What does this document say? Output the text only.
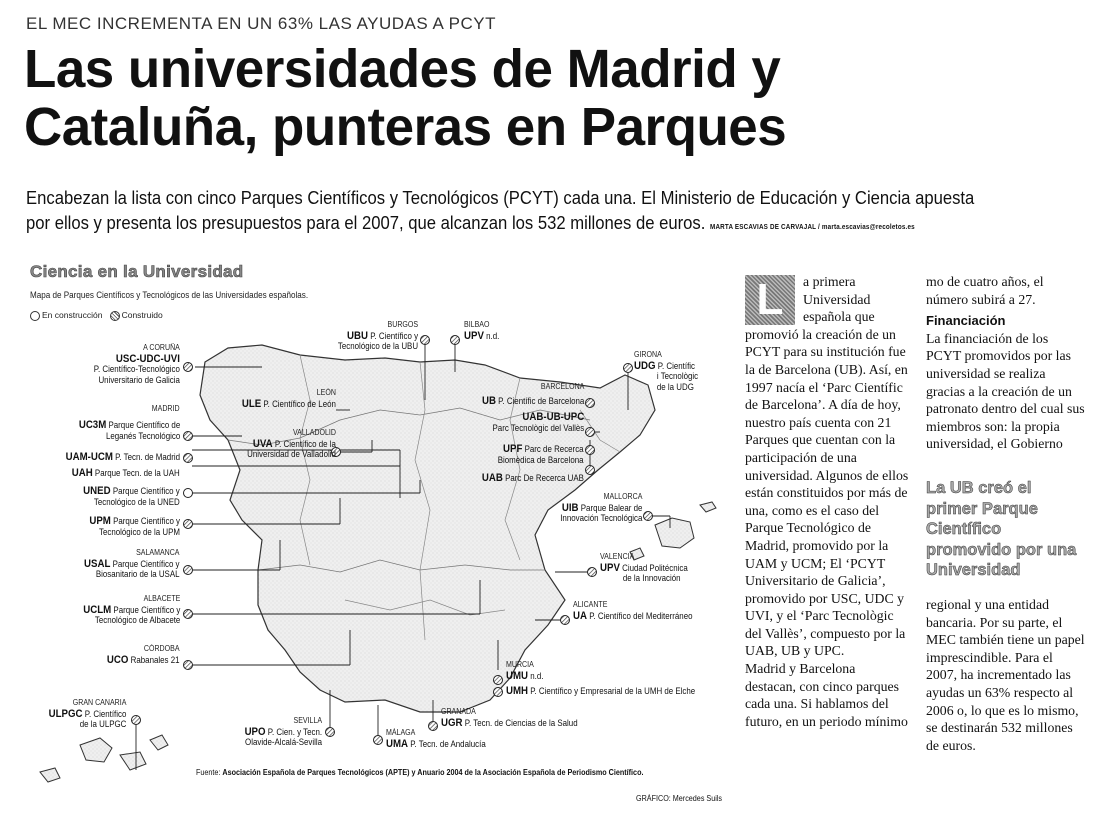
EL MEC INCREMENTA EN UN 63% LAS AYUDAS A PCYT
Las universidades de Madrid y
Cataluña, punteras en Parques
Encabezan la lista con cinco Parques Científicos y Tecnológicos (PCYT) cada una. El Ministerio de Educación y Ciencia apuesta
por ellos y presenta los presupuestos para el 2007, que alcanzan los 532 millones de euros. MARTA ESCAVIAS DE CARVAJAL / marta.escavias@recoletos.es
Ciencia en la Universidad
Mapa de Parques Científicos y Tecnológicos de las Universidades españolas.
En construcción Construido
A CORUÑA
USC-UDC-UVI
P. Científico-Tecnológico
Universitario de Galicia
MADRID
UC3M Parque Científico de
Leganés Tecnológico
UAM-UCM P. Tecn. de Madrid
UAH Parque Tecn. de la UAH
UNED Parque Científico y
Tecnológico de la UNED
UPM Parque Científico y
Tecnológico de la UPM
SALAMANCA
USAL Parque Científico y
Biosanitario de la USAL
ALBACETE
UCLM Parque Científico y
Tecnológico de Albacete
CÓRDOBA
UCO Rabanales 21
GRAN CANARIA
ULPGC P. Científico
de la ULPGC
BURGOS
UBU P. Científico y
Tecnológico de la UBU
BILBAO
UPV n.d.
LEÓN
ULE P. Científico de León
VALLADOLID
UVA P. Científico de la
Universidad de Valladolid
GIRONA
UDG P. Científic
i Tecnològic
de la UDG
BARCELONA
UB P. Científic de Barcelona
UAB-UB-UPC
Parc Tecnològic del Vallès
UPF Parc de Recerca
Biomèdica de Barcelona
UAB Parc De Recerca UAB
MALLORCA
UIB Parque Balear de
Innovación Tecnológica
VALENCIA
UPV Ciudad Politécnica
de la Innovación
ALICANTE
UA P. Científico del Mediterráneo
MURCIA
UMU n.d.
UMH P. Científico y Empresarial de la UMH de Elche
GRANADA
UGR P. Tecn. de Ciencias de la Salud
SEVILLA
UPO P. Cien. y Tecn.
Olavide-Alcalá-Sevilla
MÁLAGA
UMA P. Tecn. de Andalucía
Fuente: Asociación Española de Parques Tecnológicos (APTE) y Anuario 2004 de la Asociación Española de Periodismo Científico.
GRÁFICO: Mercedes Suils

L	a primera Universidad española que promovió la creación de un PCYT para su institución fue la de Barcelona (UB). Así, en 1997 nacía el ‘Parc Científic de Barcelona’. A día de hoy, nuestro país cuenta con 21 Parques que cuentan con la participación de una universidad. Algunos de ellos están constituidos por más de una, como es el caso del Parque Tecnológico de Madrid, promovido por la UAM y UCM; El ‘PCYT Universitario de Galicia’, promovido por USC, UDC y UVI, y el ‘Parc Tecnològic del Vallès’, compuesto por la UAB, UB y UPC.

Madrid y Barcelona destacan, con cinco parques cada una. Si hablamos del futuro, en un periodo mínimo

mo de cuatro años, el número subirá a 27.

Financiación

La financiación de los PCYT promovidos por las universidad se realiza gracias a la creación de un patronato dentro del cual sus miembros son: la propia universidad, el Gobierno

La UB creó el primer Parque Científico promovido por una Universidad

regional y una entidad bancaria. Por su parte, el MEC también tiene un papel imprescindible. Para el 2007, ha incrementado las ayudas un 63% respecto al 2006 o, lo que es lo mismo, se destinarán 532 millones de euros.
